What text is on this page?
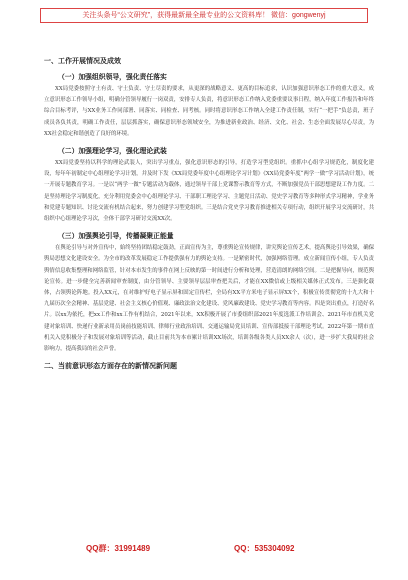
关注头条号“公文研究”，获得最新最全最专业的公文资料库！ 微信：gongwenyj
一、工作开展情况及成效
（一）加强组织领导，强化责任落实

XX局党委按照守土有责、守土负责、守土尽责的要求，从更深的战略意义、更高的目标追求，认识加强意识形态工作的重大意义，成立意识形态工作领导小组，明确分管领导履行一岗双责，安排专人负责，将意识形态工作纳入党委重要议事日程，纳入年度工作报告和年终综合目标考评，与XX业务工作同部署、同落实、同检查、同考核。同时将意识形态工作纳入全建工作责任制，实行“一把手”负总责，班子成员各负其责，明确工作责任，层层抓落实，确保意识形态领域安全，为推进新业政治、经济、文化、社会、生态全面发展尽心尽责，为XX社会稳定和谐创造了良好的环境。

（二）加强理论学习，强化理论武装

XX局党委坚持以科学的理论武装人，突出学习重点，强化意识形态的引导，打造学习型党组织。重抓中心组学习规范化，制度化建设，每年年初制定中心组理论学习计划，并及时下发《XX局党委年度中心组理论学习计划》《XX局党委年度“两学一做”学习活动计划》，统一开展专题教育学习。一是以“两学一做”专题活动为载体，通过领导干部上党课警示教育等方式，不断加强党员干部思想建设工作力度。二是坚持理论学习制度化，充分利用党委会中心组理论学习、干部职工理论学习、主题党日活动、党史学习教育等多种形式学习精神，学业务和党建专题知识、讨论交流有机结合起来，努力创建学习型党组织。三是结合党史学习教育推进相关专项行动，组织开展学习交流研讨，共组织中心组理论学习次，全体干部学习研讨交流XX次。

（三）加强舆论引导，传播凝聚正能量

在舆论引导与对外宣传中，始终坚持团结稳定鼓劲，正面宣传为主，尊重舆论宣传规律，讲究舆论宣传艺术，提高舆论引导效果，确保舆局思想文化建设安全。为全市的改革发展稳定工作提供强有力的舆论支持。一是紧密时代，加强网络管理。成立新闻宣传小组，专人负责舆情信息收集整理和网络监管，针对本市发生的事件在网上反映的第一时间进行分析和处理，营造清朗的网络空间。二是把握导向，规范舆论宣传。进一步健全完善新闻审查制度，由分管领导、主要领导层层审查把关后，才能在XX微信或上级相关媒体正式发布。三是强化载体，占领舆论阵地。投入XX元，在对维护好电子显示屏和固定宣传栏，全局有XX平方米电子显示屏XX个，积极宣传贯彻党的十九大和十九届历次全会精神、基层党建、社会主义核心价值观、廉政法治文化建设、党风廉政建设、党史学习教育等内容。四是突出重点，打造好名片。以xx为依托，把xx工作和xx工作有机结合，2021年以来，XX积极开展了市委组织部2021年度选派工作培训会、2021年市直机关党建对象培训、快递行业新录用员岗前技能培训、律师行业政治培训、交通运输局党员培训、宣传部抵接干部理论考试。2022年第一期市直机关入党积极分子和发展对象培训等活动，截止目前共为本市累计培训XX场次，培训各级各类人员XX余人（次），进一步扩大我局的社会影响力，提高我局的社会声誉。

二、当前意识形态方面存在的新情况新问题
QQ群：31991489	QQ：535304092
